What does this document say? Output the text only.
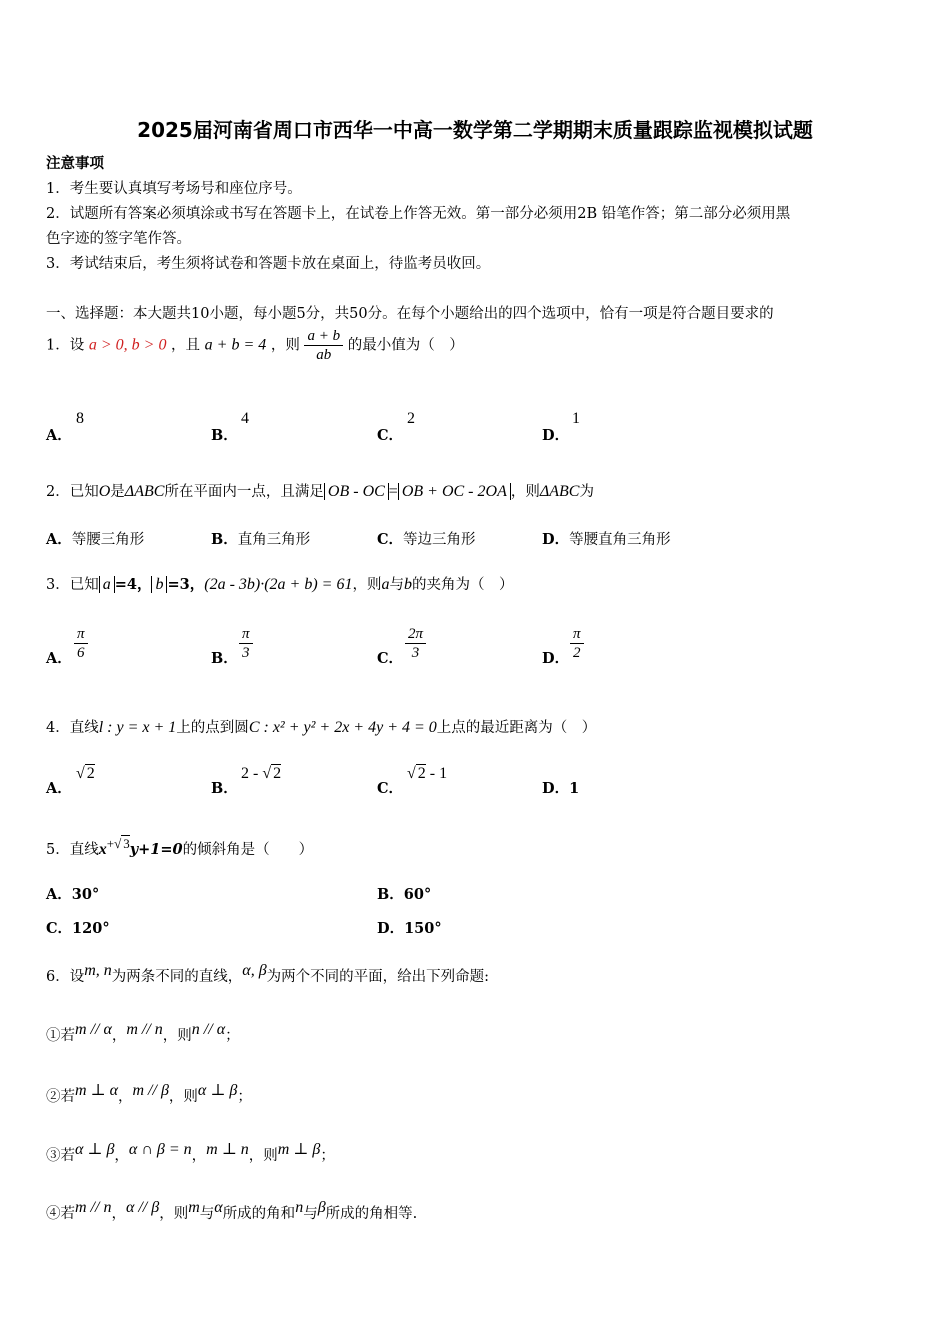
2025届河南省周口市西华一中高一数学第二学期期末质量跟踪监视模拟试题
注意事项
1．考生要认真填写考场号和座位序号。
2．试题所有答案必须填涂或书写在答题卡上，在试卷上作答无效。第一部分必须用2B 铅笔作答；第二部分必须用黑
色字迹的签字笔作答。
3．考试结束后，考生须将试卷和答题卡放在桌面上，待监考员收回。
一、选择题：本大题共10小题，每小题5分，共50分。在每个小题给出的四个选项中，恰有一项是符合题目要求的
1．设 a > 0, b > 0 ，且 a + b = 4 ，则 $\frac{a + b}{ab}$ 的最小值为（　）
A．
8
B．
4
C．
2
D．
1
2．已知O是ΔABC所在平面内一点，且满足 OB - OC = OB + OC - 2OA ，则ΔABC为
A．等腰三角形	B．直角三角形	C．等边三角形	D．等腰直角三角形
3．已知 a =4， b =3，(2a - 3b)·(2a + b) = 61，则a与b的夹角为（　）
A． $\frac{\pi}{6}$	B． $\frac{\pi}{3}$	C． $\frac{2\pi}{3}$	D． $\frac{\pi}{2}$
4．直线l : y = x + 1上的点到圆C : x² + y² + 2x + 4y + 4 = 0上点的最近距离为（　）
A．
√ 2
B．
2 - √ 2
C．
√ 2 - 1
D．1
5．直线$x^{+√ 3}y+1=0$的倾斜角是（　　）
A．30°	B．60°
C．120°	D．150°
6．设$^{m, n}$为两条不同的直线，$^{\alpha, \beta}$为两个不同的平面，给出下列命题:
①若$^{m // \alpha}$，$^{m // n}$，则$^{n // \alpha}$；
②若$^{m \perp \alpha}$，$^{m // \beta}$，则$^{\alpha \perp \beta}$；
③若$^{\alpha \perp \beta}$，$^{\alpha \cap \beta = n}$，$^{m \perp n}$，则$^{m \perp \beta}$；
④若$^{m // n}$，$^{\alpha // \beta}$，则$^m$与$^\alpha$所成的角和$^n$与$^\beta$所成的角相等.
